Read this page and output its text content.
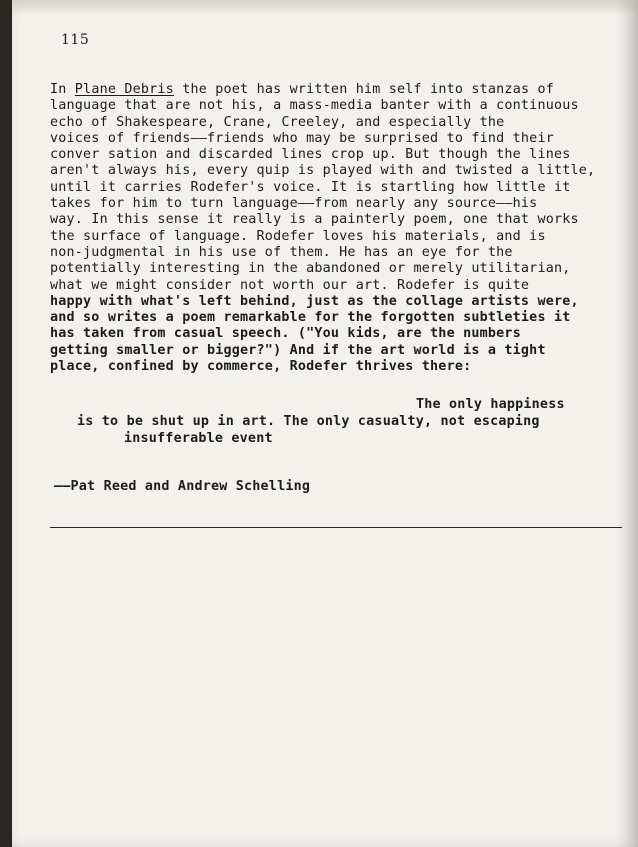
115
In Plane Debris the poet has written him self into stanzas of
language that are not his, a mass-media banter with a continuous
echo of Shakespeare, Crane, Creeley, and especially the
voices of friends——friends who may be surprised to find their
conver sation and discarded lines crop up. But though the lines
aren't always his, every quip is played with and twisted a little,
until it carries Rodefer's voice. It is startling how little it
takes for him to turn language——from nearly any source——his
way. In this sense it really is a painterly poem, one that works
the surface of language. Rodefer loves his materials, and is
non-judgmental in his use of them. He has an eye for the
potentially interesting in the abandoned or merely utilitarian,
what we might consider not worth our art. Rodefer is quite
happy with what's left behind, just as the collage artists were,
and so writes a poem remarkable for the forgotten subtleties it
has taken from casual speech. ("You kids, are the numbers
getting smaller or bigger?") And if the art world is a tight
place, confined by commerce, Rodefer thrives there:
The only happiness
is to be shut up in art. The only casualty, not escaping
insufferable event
——Pat Reed and Andrew Schelling
